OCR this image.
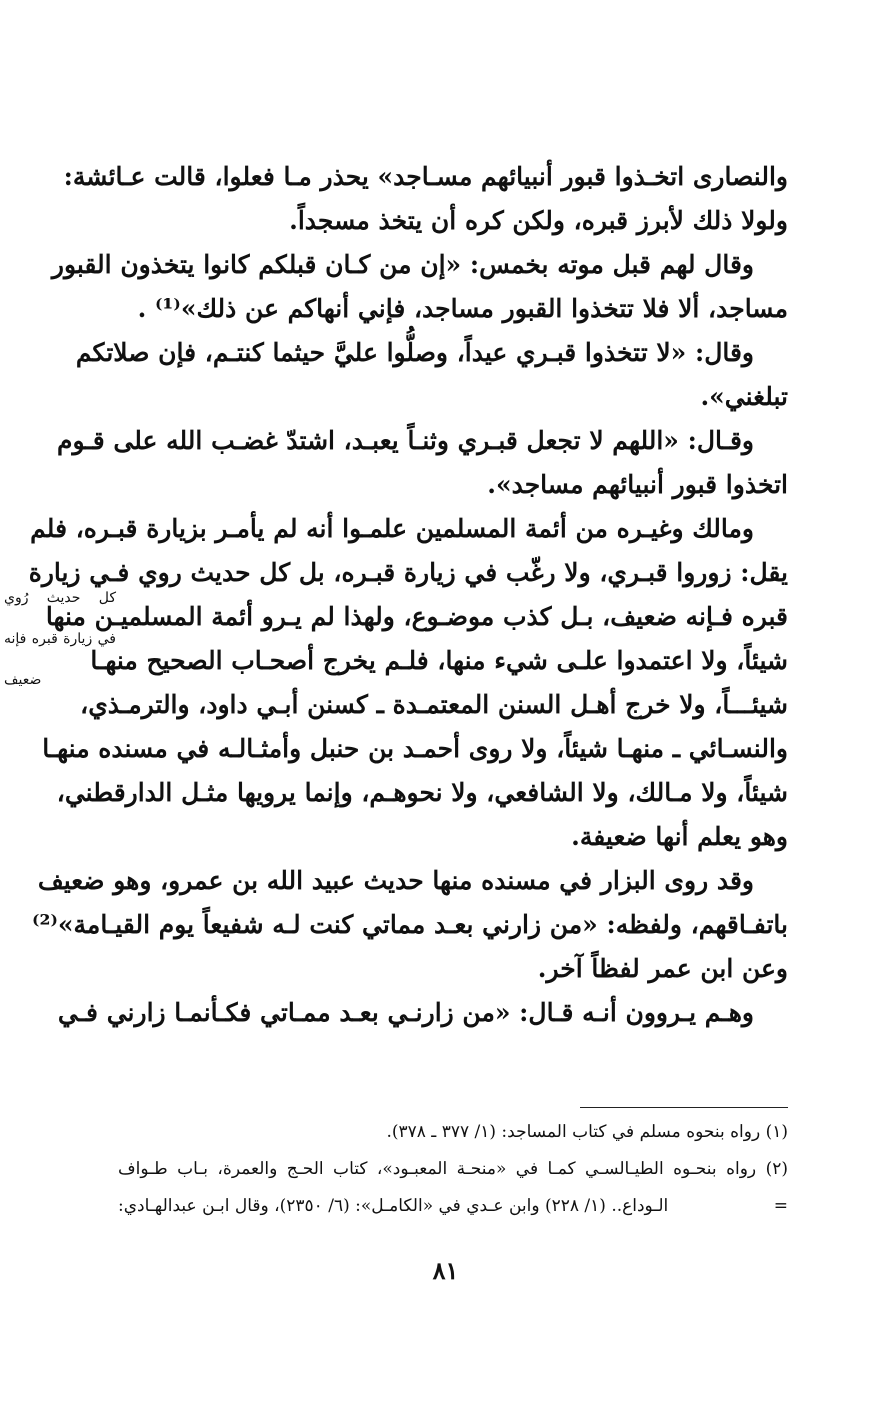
والنصارى اتخـذوا قبور أنبيائهم مسـاجد» يحذر مـا فعلوا، قالت عـائشة:
ولولا ذلك لأبرز قبره، ولكن كره أن يتخذ مسجداً.
وقال لهم قبل موته بخمس: «إن من كـان قبلكم كانوا يتخذون القبور
مساجد، ألا فلا تتخذوا القبور مساجد، فإني أنهاكم عن ذلك»⁽¹⁾ .
وقال: «لا تتخذوا قبـري عيداً، وصلُّوا عليَّ حيثما كنتـم، فإن صلاتكم
تبلغني».
وقـال: «اللهم لا تجعل قبـري وثنـاً يعبـد، اشتدّ غضـب الله على قـوم
اتخذوا قبور أنبيائهم مساجد».
ومالك وغيـره من أئمة المسلمين علمـوا أنه لم يأمـر بزيارة قبـره، فلم
يقل: زوروا قبـري، ولا رغّب في زيارة قبـره، بل كل حديث روي فـي زيارة
قبره فـإنه ضعيف، بـل كذب موضـوع، ولهذا لم يـرو أئمة المسلميـن منها
شيئاً، ولا اعتمدوا علـى شيء منها، فلـم يخرج أصحـاب الصحيح منهـا
شيئـــاً، ولا خرج أهـل السنن المعتمـدة ـ كسنن أبـي داود، والترمـذي،
والنسـائي ـ منهـا شيئاً، ولا روى أحمـد بن حنبل وأمثـالـه في مسنده منهـا
شيئاً، ولا مـالك، ولا الشافعي، ولا نحوهـم، وإنما يرويها مثـل الدارقطني،
وهو يعلم أنها ضعيفة.
وقد روى البزار في مسنده منها حديث عبيد الله بن عمرو، وهو ضعيف
باتفـاقهم، ولفظه: «من زارني بعـد مماتي كنت لـه شفيعاً يوم القيـامة»⁽²⁾
وعن ابن عمر لفظاً آخر.
وهـم يـروون أنـه قـال: «من زارنـي بعـد ممـاتي فكـأنمـا زارني فـي
كل حديث رُوي
في زيارة قبره فإنه
ضعيف
(١) رواه بنحوه مسلم في كتاب المساجد: (١/ ٣٧٧ ـ ٣٧٨).
(٢) رواه بنحـوه الطيـالسـي كمـا في «منحـة المعبـود»، كتاب الحـج والعمرة، بـاب طـواف
الـوداع.. (١/ ٢٢٨) وابن عـدي في «الكامـل»: (٦/ ٢٣٥٠)، وقال ابـن عبدالهـادي:	=
٨١
